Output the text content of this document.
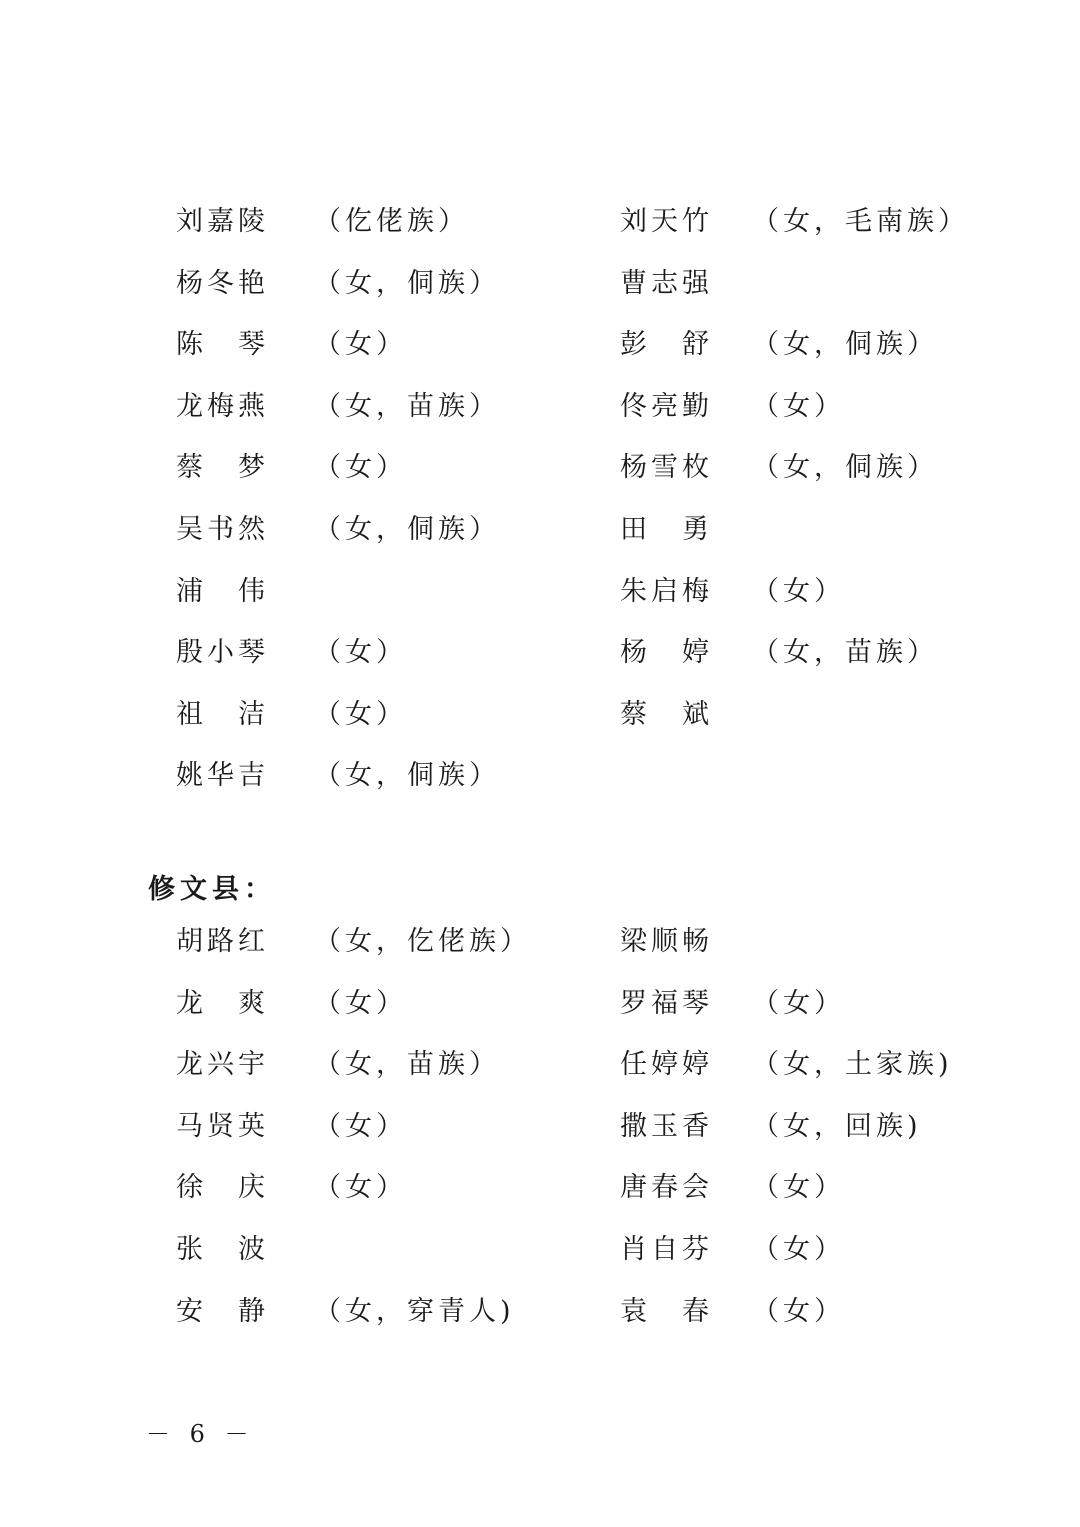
刘嘉陵 （仡佬族）
杨冬艳 （女，侗族）
陈　琴 （女）
龙梅燕 （女，苗族）
蔡　梦 （女）
吴书然 （女，侗族）
浦　伟
殷小琴 （女）
祖　洁 （女）
姚华吉 （女，侗族）
刘天竹 （女，毛南族）
曹志强
彭　舒 （女，侗族）
佟亮勤 （女）
杨雪枚 （女，侗族）
田　勇
朱启梅 （女）
杨　婷 （女，苗族）
蔡　斌
修文县：
胡路红 （女，仡佬族）
龙　爽 （女）
龙兴宇 （女，苗族）
马贤英 （女）
徐　庆 （女）
张　波
安　静 （女，穿青人)
梁顺畅
罗福琴 （女）
任婷婷 （女，土家族)
撒玉香 （女，回族)
唐春会 （女）
肖自芬 （女）
袁　春 （女）
－ 6 －
